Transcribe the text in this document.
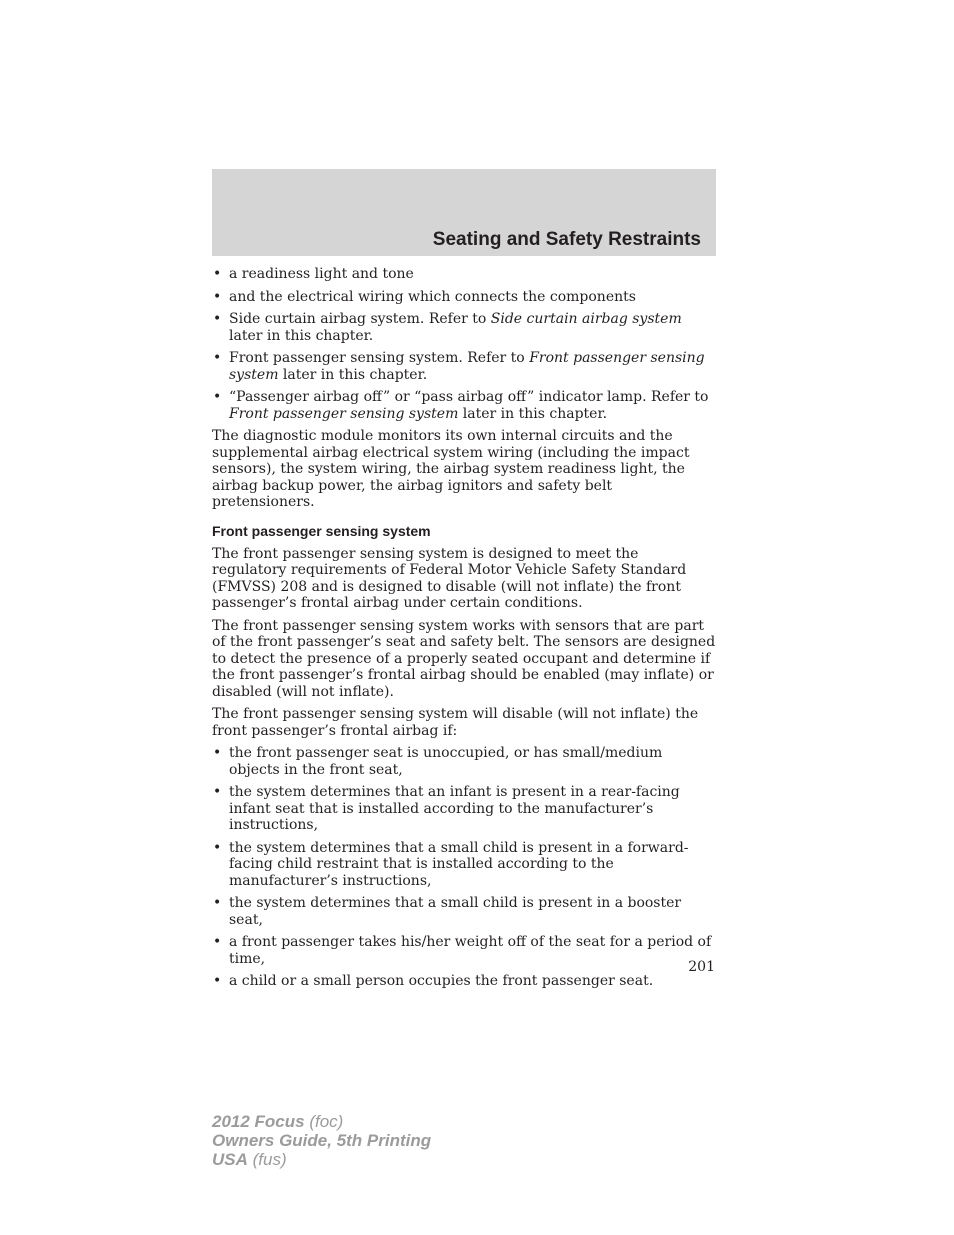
Seating and Safety Restraints
• a readiness light and tone
• and the electrical wiring which connects the components
• Side curtain airbag system. Refer to Side curtain airbag system later in this chapter.
• Front passenger sensing system. Refer to Front passenger sensing system later in this chapter.
• “Passenger airbag off” or “pass airbag off” indicator lamp. Refer to Front passenger sensing system later in this chapter.

The diagnostic module monitors its own internal circuits and the supplemental airbag electrical system wiring (including the impact sensors), the system wiring, the airbag system readiness light, the airbag backup power, the airbag ignitors and safety belt pretensioners.

Front passenger sensing system

The front passenger sensing system is designed to meet the regulatory requirements of Federal Motor Vehicle Safety Standard (FMVSS) 208 and is designed to disable (will not inflate) the front passenger’s frontal airbag under certain conditions.

The front passenger sensing system works with sensors that are part of the front passenger’s seat and safety belt. The sensors are designed to detect the presence of a properly seated occupant and determine if the front passenger’s frontal airbag should be enabled (may inflate) or disabled (will not inflate).

The front passenger sensing system will disable (will not inflate) the front passenger’s frontal airbag if:

• the front passenger seat is unoccupied, or has small/medium objects in the front seat,
• the system determines that an infant is present in a rear-facing infant seat that is installed according to the manufacturer’s instructions,
• the system determines that a small child is present in a forward-facing child restraint that is installed according to the manufacturer’s instructions,
• the system determines that a small child is present in a booster seat,
• a front passenger takes his/her weight off of the seat for a period of time,
• a child or a small person occupies the front passenger seat.
201
2012 Focus (foc)
Owners Guide, 5th Printing
USA (fus)
